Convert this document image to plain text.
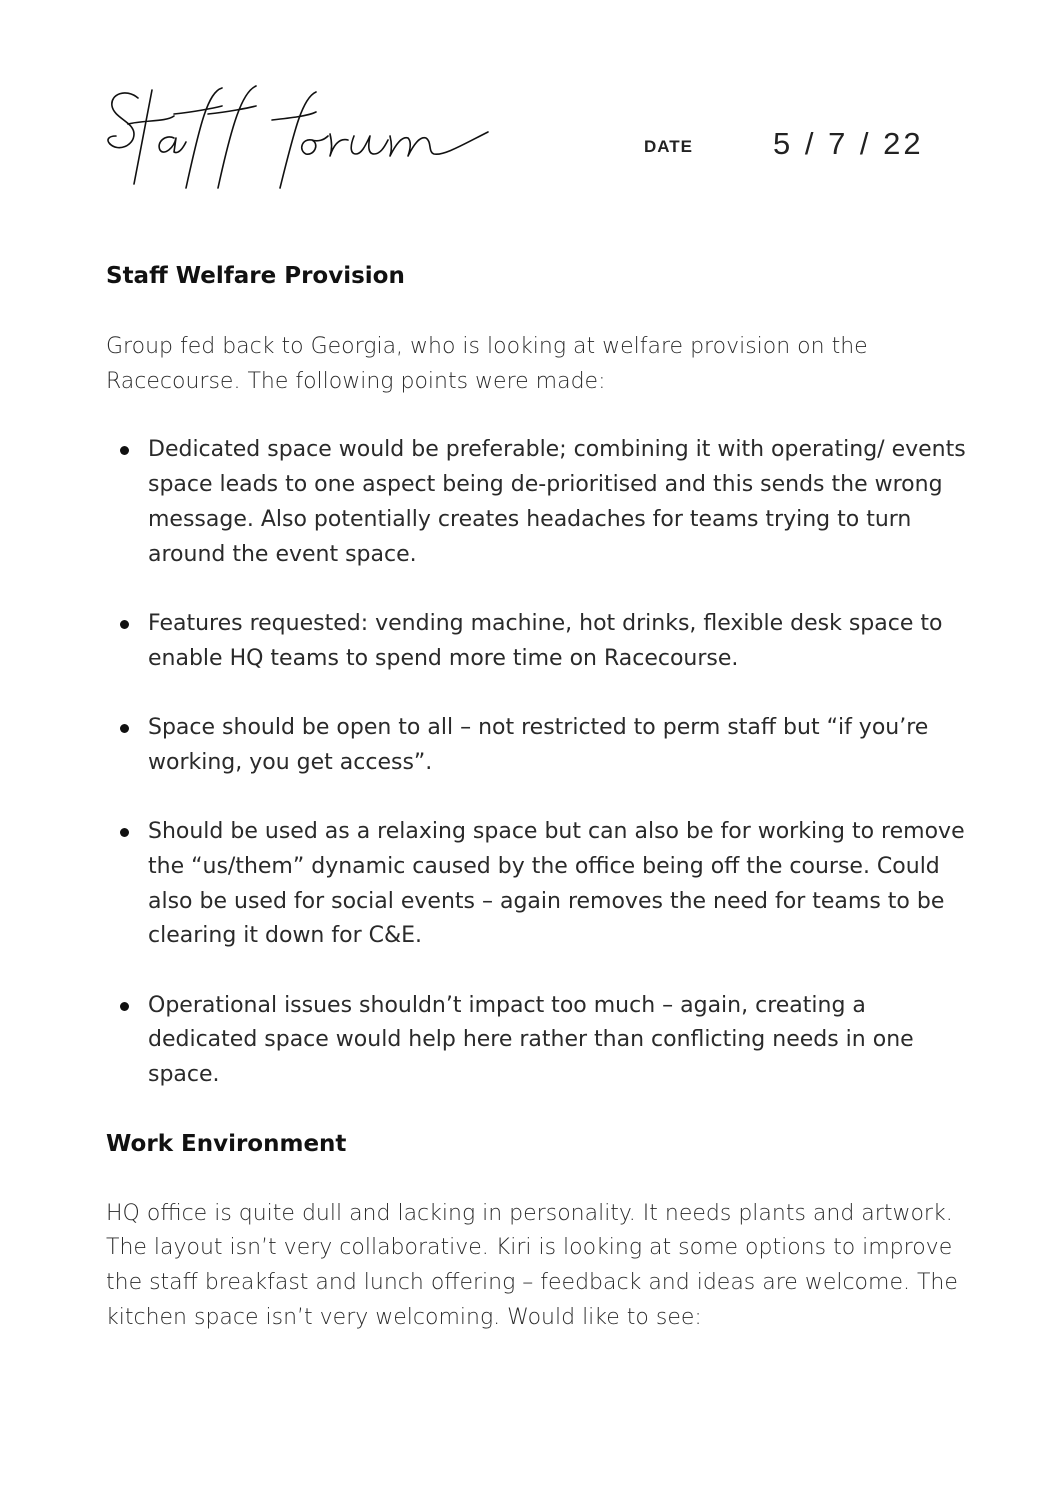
DATE	5 / 7 / 22
Staff Welfare Provision

Group fed back to Georgia, who is looking at welfare provision on the Racecourse. The following points were made:

Dedicated space would be preferable; combining it with operating/ events space leads to one aspect being de-prioritised and this sends the wrong message. Also potentially creates headaches for teams trying to turn around the event space.
Features requested: vending machine, hot drinks, flexible desk space to enable HQ teams to spend more time on Racecourse.
Space should be open to all – not restricted to perm staff but “if you’re working, you get access”.
Should be used as a relaxing space but can also be for working to remove the “us/them” dynamic caused by the office being off the course. Could also be used for social events – again removes the need for teams to be clearing it down for C&E.
Operational issues shouldn’t impact too much – again, creating a dedicated space would help here rather than conflicting needs in one space.
Work Environment

HQ office is quite dull and lacking in personality. It needs plants and artwork. The layout isn’t very collaborative. Kiri is looking at some options to improve the staff breakfast and lunch offering – feedback and ideas are welcome. The kitchen space isn’t very welcoming. Would like to see:
